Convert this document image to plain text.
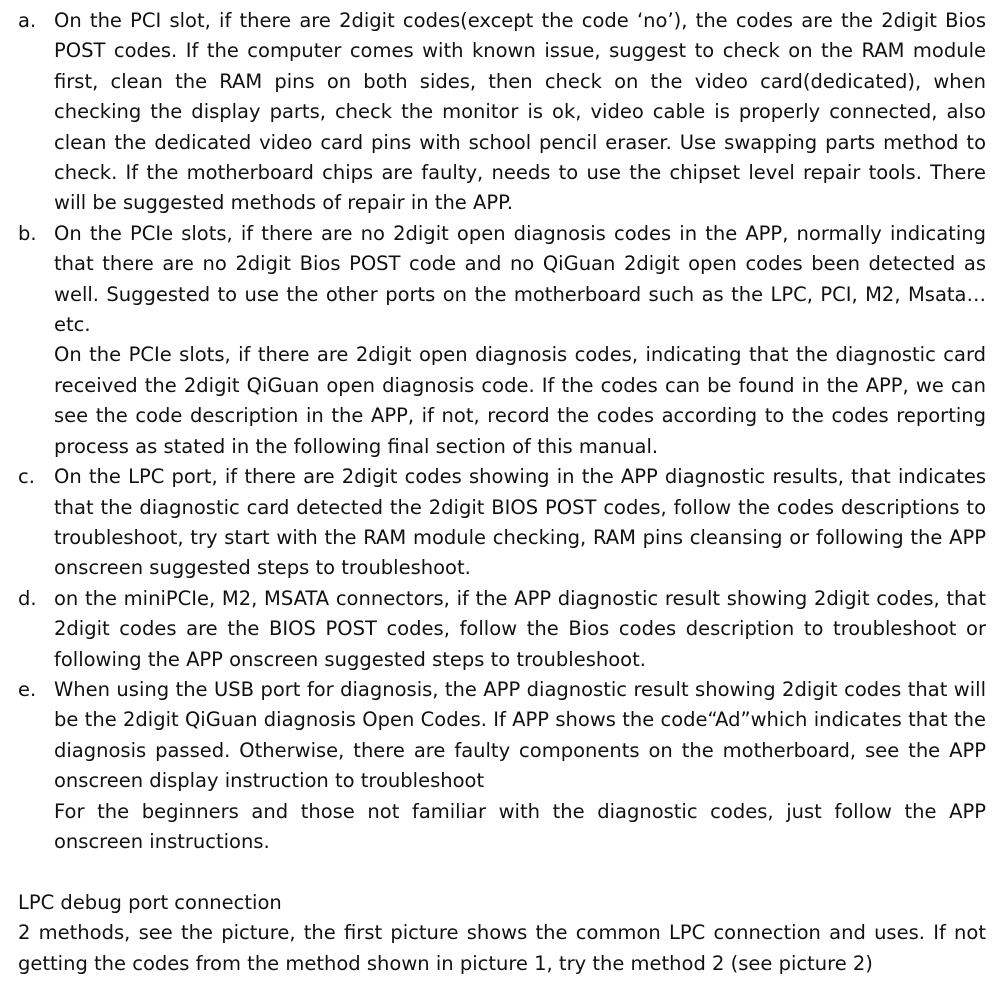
a. On the PCI slot, if there are 2digit codes(except the code ‘no’), the codes are the 2digit Bios POST codes. If the computer comes with known issue, suggest to check on the RAM module first, clean the RAM pins on both sides, then check on the video card(dedicated), when checking the display parts, check the monitor is ok, video cable is properly connected, also clean the dedicated video card pins with school pencil eraser. Use swapping parts method to check. If the motherboard chips are faulty, needs to use the chipset level repair tools. There will be suggested methods of repair in the APP.

b. On the PCIe slots, if there are no 2digit open diagnosis codes in the APP, normally indicating that there are no 2digit Bios POST code and no QiGuan 2digit open codes been detected as well. Suggested to use the other ports on the motherboard such as the LPC, PCI, M2, Msata…etc.

On the PCIe slots, if there are 2digit open diagnosis codes, indicating that the diagnostic card received the 2digit QiGuan open diagnosis code. If the codes can be found in the APP, we can see the code description in the APP, if not, record the codes according to the codes reporting process as stated in the following final section of this manual.

c. On the LPC port, if there are 2digit codes showing in the APP diagnostic results, that indicates that the diagnostic card detected the 2digit BIOS POST codes, follow the codes descriptions to troubleshoot, try start with the RAM module checking, RAM pins cleansing or following the APP onscreen suggested steps to troubleshoot.

d. on the miniPCIe, M2, MSATA connectors, if the APP diagnostic result showing 2digit codes, that 2digit codes are the BIOS POST codes, follow the Bios codes description to troubleshoot or following the APP onscreen suggested steps to troubleshoot.

e. When using the USB port for diagnosis, the APP diagnostic result showing 2digit codes that will be the 2digit QiGuan diagnosis Open Codes. If APP shows the code“Ad”which indicates that the diagnosis passed. Otherwise, there are faulty components on the motherboard, see the APP onscreen display instruction to troubleshoot

For the beginners and those not familiar with the diagnostic codes, just follow the APP onscreen instructions.

LPC debug port connection

2 methods, see the picture, the first picture shows the common LPC connection and uses. If not getting the codes from the method shown in picture 1, try the method 2 (see picture 2)
